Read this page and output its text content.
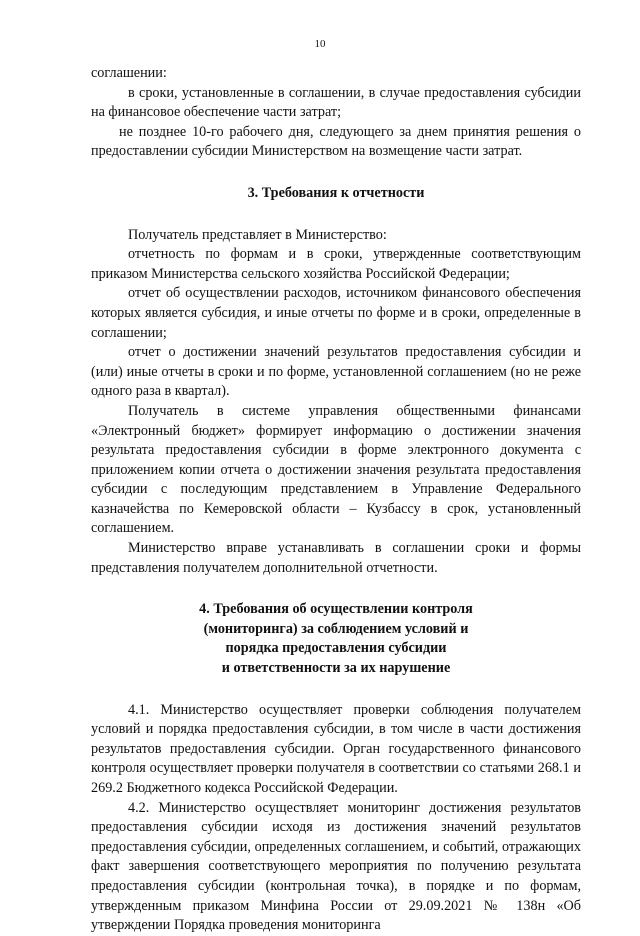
10

соглашении:

в сроки, установленные в соглашении, в случае предоставления субсидии на финансовое обеспечение части затрат;

не позднее 10-го рабочего дня, следующего за днем принятия решения о предоставлении субсидии Министерством на возмещение части затрат.

3. Требования к отчетности

Получатель представляет в Министерство:

отчетность по формам и в сроки, утвержденные соответствующим приказом Министерства сельского хозяйства Российской Федерации;

отчет об осуществлении расходов, источником финансового обеспечения которых является субсидия, и иные отчеты по форме и в сроки, определенные в соглашении;

отчет о достижении значений результатов предоставления субсидии и (или) иные отчеты в сроки и по форме, установленной соглашением (но не реже одного раза в квартал).

Получатель в системе управления общественными финансами «Электронный бюджет» формирует информацию о достижении значения результата предоставления субсидии в форме электронного документа с приложением копии отчета о достижении значения результата предоставления субсидии с последующим представлением в Управление Федерального казначейства по Кемеровской области – Кузбассу в срок, установленный соглашением.

Министерство вправе устанавливать в соглашении сроки и формы представления получателем дополнительной отчетности.

4. Требования об осуществлении контроля
(мониторинга) за соблюдением условий и
порядка предоставления субсидии
и ответственности за их нарушение

4.1. Министерство осуществляет проверки соблюдения получателем условий и порядка предоставления субсидии, в том числе в части достижения результатов предоставления субсидии. Орган государственного финансового контроля осуществляет проверки получателя в соответствии со статьями 268.1 и 269.2 Бюджетного кодекса Российской Федерации.

4.2. Министерство осуществляет мониторинг достижения результатов предоставления субсидии исходя из достижения значений результатов предоставления субсидии, определенных соглашением, и событий, отражающих факт завершения соответствующего мероприятия по получению результата предоставления субсидии (контрольная точка), в порядке и по формам, утвержденным приказом Минфина России от 29.09.2021 № 138н «Об утверждении Порядка проведения мониторинга
